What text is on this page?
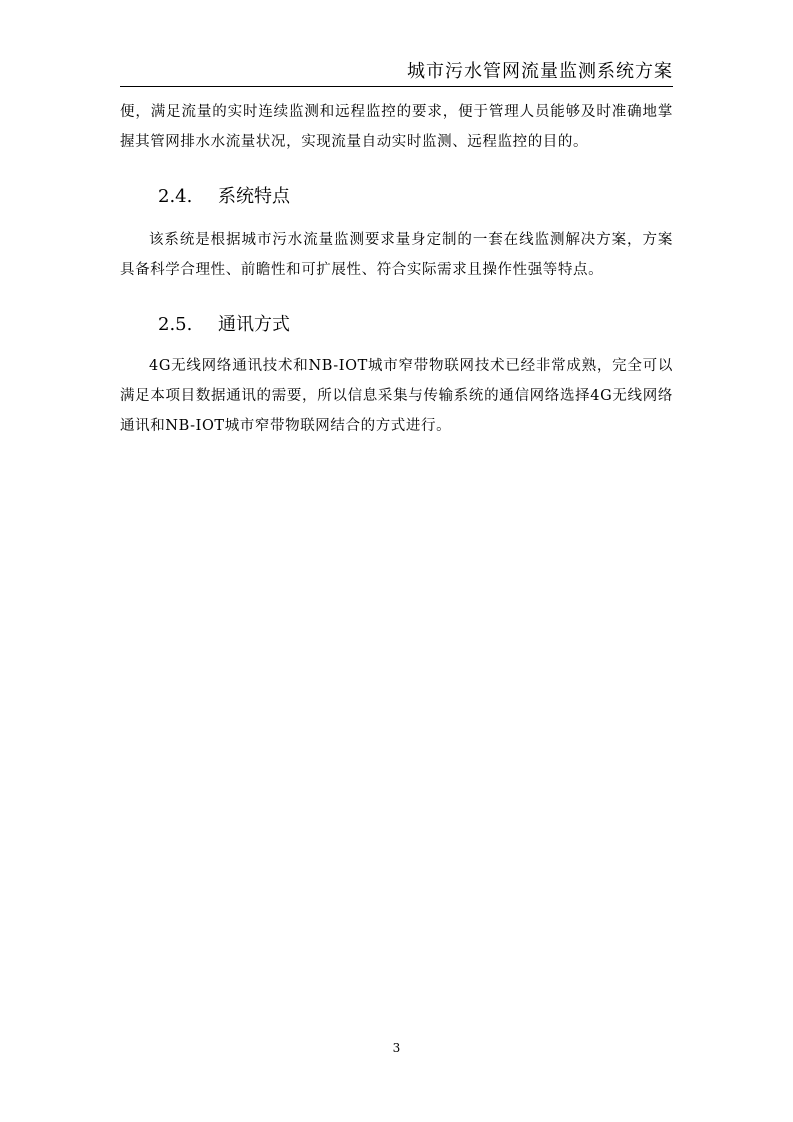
城市污水管网流量监测系统方案

便，满足流量的实时连续监测和远程监控的要求，便于管理人员能够及时准确地掌握其管网排水水流量状况，实现流量自动实时监测、远程监控的目的。

2.4. 系统特点

该系统是根据城市污水流量监测要求量身定制的一套在线监测解决方案，方案具备科学合理性、前瞻性和可扩展性、符合实际需求且操作性强等特点。

2.5. 通讯方式

4G无线网络通讯技术和NB-IOT城市窄带物联网技术已经非常成熟，完全可以满足本项目数据通讯的需要，所以信息采集与传输系统的通信网络选择4G无线网络通讯和NB-IOT城市窄带物联网结合的方式进行。

3
